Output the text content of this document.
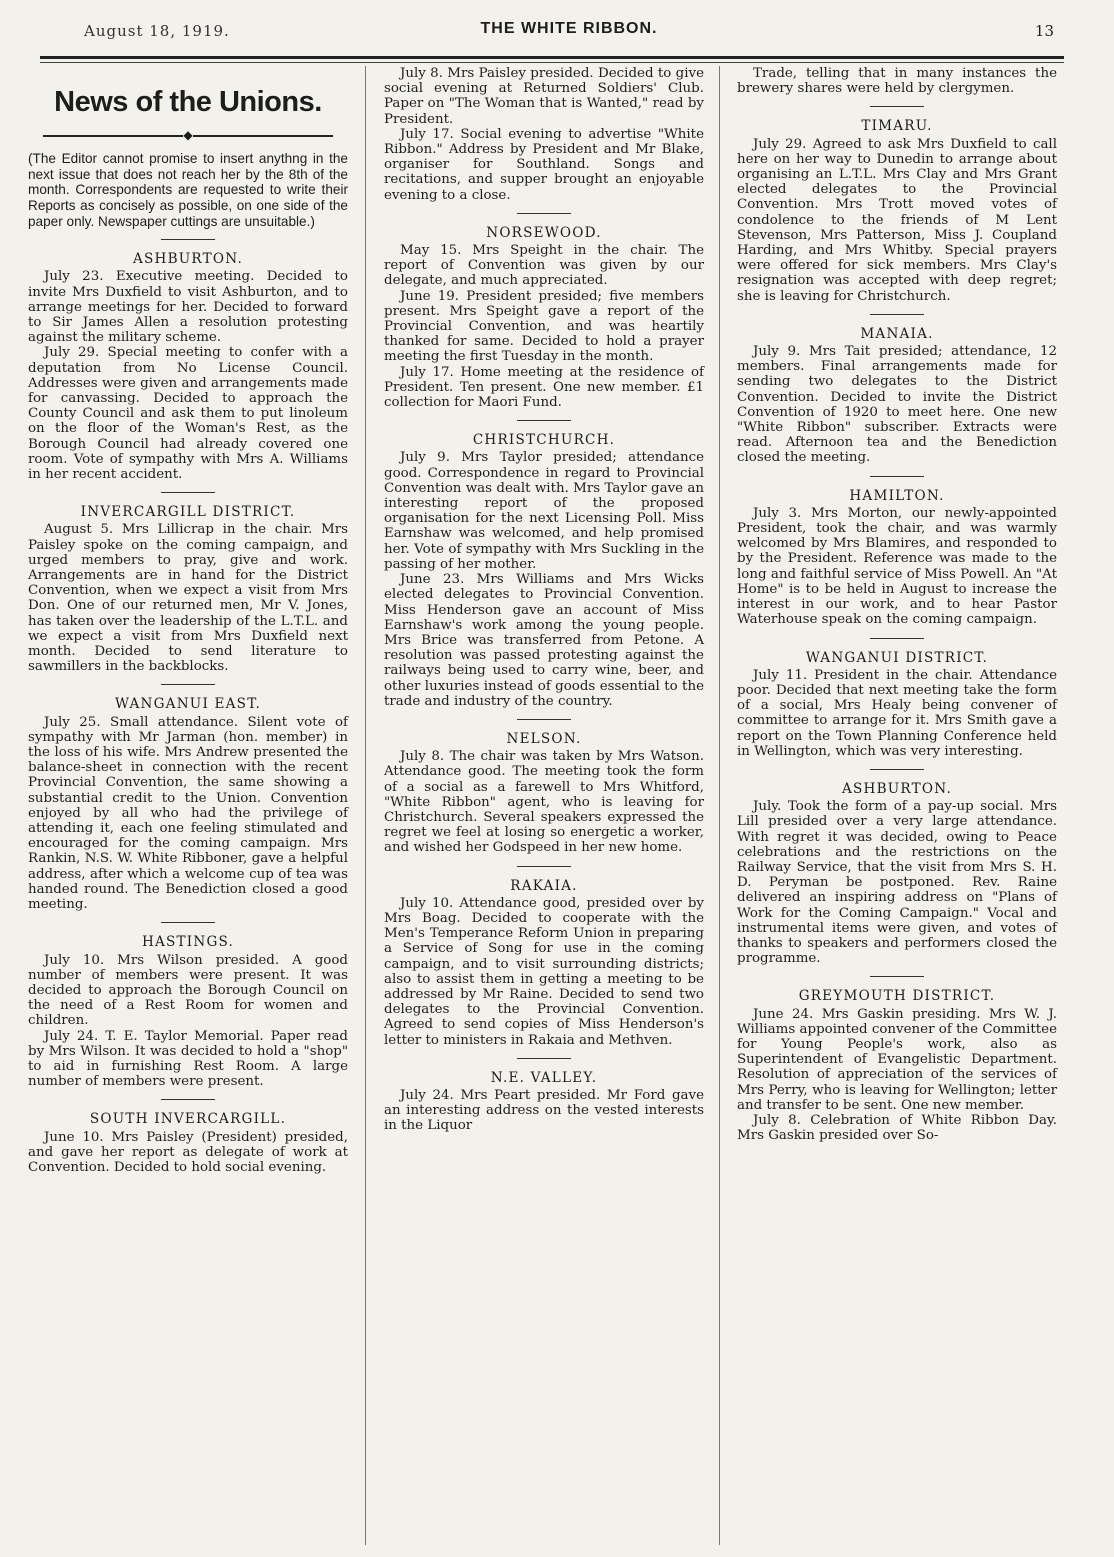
August 18, 1919.	THE WHITE RIBBON.	13
News of the Unions.
◆
(The Editor cannot promise to insert anythng in the next issue that does not reach her by the 8th of the month. Correspondents are requested to write their Reports as concisely as possible, on one side of the paper only. Newspaper cuttings are unsuitable.)
ASHBURTON.

July 23. Executive meeting. Decided to invite Mrs Duxfield to visit Ashburton, and to arrange meetings for her. Decided to forward to Sir James Allen a resolution protesting against the military scheme.

July 29. Special meeting to confer with a deputation from No License Council. Addresses were given and arrangements made for canvassing. Decided to approach the County Council and ask them to put linoleum on the floor of the Woman's Rest, as the Borough Council had already covered one room. Vote of sympathy with Mrs A. Williams in her recent accident.

INVERCARGILL DISTRICT.

August 5. Mrs Lillicrap in the chair. Mrs Paisley spoke on the coming campaign, and urged members to pray, give and work. Arrangements are in hand for the District Convention, when we expect a visit from Mrs Don. One of our returned men, Mr V. Jones, has taken over the leadership of the L.T.L. and we expect a visit from Mrs Duxfield next month. Decided to send literature to sawmillers in the backblocks.

WANGANUI EAST.

July 25. Small attendance. Silent vote of sympathy with Mr Jarman (hon. member) in the loss of his wife. Mrs Andrew presented the balance-sheet in connection with the recent Provincial Convention, the same showing a substantial credit to the Union. Convention enjoyed by all who had the privilege of attending it, each one feeling stimulated and encouraged for the coming campaign. Mrs Rankin, N.S. W. White Ribboner, gave a helpful address, after which a welcome cup of tea was handed round. The Benediction closed a good meeting.

HASTINGS.

July 10. Mrs Wilson presided. A good number of members were present. It was decided to approach the Borough Council on the need of a Rest Room for women and children.

July 24. T. E. Taylor Memorial. Paper read by Mrs Wilson. It was decided to hold a "shop" to aid in furnishing Rest Room. A large number of members were present.

SOUTH INVERCARGILL.

June 10. Mrs Paisley (President) presided, and gave her report as delegate of work at Convention. Decided to hold social evening.

July 8. Mrs Paisley presided. Decided to give social evening at Returned Soldiers' Club. Paper on "The Woman that is Wanted," read by President.

July 17. Social evening to advertise "White Ribbon." Address by President and Mr Blake, organiser for Southland. Songs and recitations, and supper brought an enjoyable evening to a close.

NORSEWOOD.

May 15. Mrs Speight in the chair. The report of Convention was given by our delegate, and much appreciated.

June 19. President presided; five members present. Mrs Speight gave a report of the Provincial Convention, and was heartily thanked for same. Decided to hold a prayer meeting the first Tuesday in the month.

July 17. Home meeting at the residence of President. Ten present. One new member. £1 collection for Maori Fund.

CHRISTCHURCH.

July 9. Mrs Taylor presided; attendance good. Correspondence in regard to Provincial Convention was dealt with. Mrs Taylor gave an interesting report of the proposed organisation for the next Licensing Poll. Miss Earnshaw was welcomed, and help promised her. Vote of sympathy with Mrs Suckling in the passing of her mother.

June 23. Mrs Williams and Mrs Wicks elected delegates to Provincial Convention. Miss Henderson gave an account of Miss Earnshaw's work among the young people. Mrs Brice was transferred from Petone. A resolution was passed protesting against the railways being used to carry wine, beer, and other luxuries instead of goods essential to the trade and industry of the country.

NELSON.

July 8. The chair was taken by Mrs Watson. Attendance good. The meeting took the form of a social as a farewell to Mrs Whitford, "White Ribbon" agent, who is leaving for Christchurch. Several speakers expressed the regret we feel at losing so energetic a worker, and wished her Godspeed in her new home.

RAKAIA.

July 10. Attendance good, presided over by Mrs Boag. Decided to cooperate with the Men's Temperance Reform Union in preparing a Service of Song for use in the coming campaign, and to visit surrounding districts; also to assist them in getting a meeting to be addressed by Mr Raine. Decided to send two delegates to the Provincial Convention. Agreed to send copies of Miss Henderson's letter to ministers in Rakaia and Methven.

N.E. VALLEY.

July 24. Mrs Peart presided. Mr Ford gave an interesting address on the vested interests in the Liquor

Trade, telling that in many instances the brewery shares were held by clergymen.

TIMARU.

July 29. Agreed to ask Mrs Duxfield to call here on her way to Dunedin to arrange about organising an L.T.L. Mrs Clay and Mrs Grant elected delegates to the Provincial Convention. Mrs Trott moved votes of condolence to the friends of M Lent Stevenson, Mrs Patterson, Miss J. Coupland Harding, and Mrs Whitby. Special prayers were offered for sick members. Mrs Clay's resignation was accepted with deep regret; she is leaving for Christchurch.

MANAIA.

July 9. Mrs Tait presided; attendance, 12 members. Final arrangements made for sending two delegates to the District Convention. Decided to invite the District Convention of 1920 to meet here. One new "White Ribbon" subscriber. Extracts were read. Afternoon tea and the Benediction closed the meeting.

HAMILTON.

July 3. Mrs Morton, our newly-appointed President, took the chair, and was warmly welcomed by Mrs Blamires, and responded to by the President. Reference was made to the long and faithful service of Miss Powell. An "At Home" is to be held in August to increase the interest in our work, and to hear Pastor Waterhouse speak on the coming campaign.

WANGANUI DISTRICT.

July 11. President in the chair. Attendance poor. Decided that next meeting take the form of a social, Mrs Healy being convener of committee to arrange for it. Mrs Smith gave a report on the Town Planning Conference held in Wellington, which was very interesting.

ASHBURTON.

July. Took the form of a pay-up social. Mrs Lill presided over a very large attendance. With regret it was decided, owing to Peace celebrations and the restrictions on the Railway Service, that the visit from Mrs S. H. D. Peryman be postponed. Rev. Raine delivered an inspiring address on "Plans of Work for the Coming Campaign." Vocal and instrumental items were given, and votes of thanks to speakers and performers closed the programme.

GREYMOUTH DISTRICT.

June 24. Mrs Gaskin presiding. Mrs W. J. Williams appointed convener of the Committee for Young People's work, also as Superintendent of Evangelistic Department. Resolution of appreciation of the services of Mrs Perry, who is leaving for Wellington; letter and transfer to be sent. One new member.

July 8. Celebration of White Ribbon Day. Mrs Gaskin presided over So-
